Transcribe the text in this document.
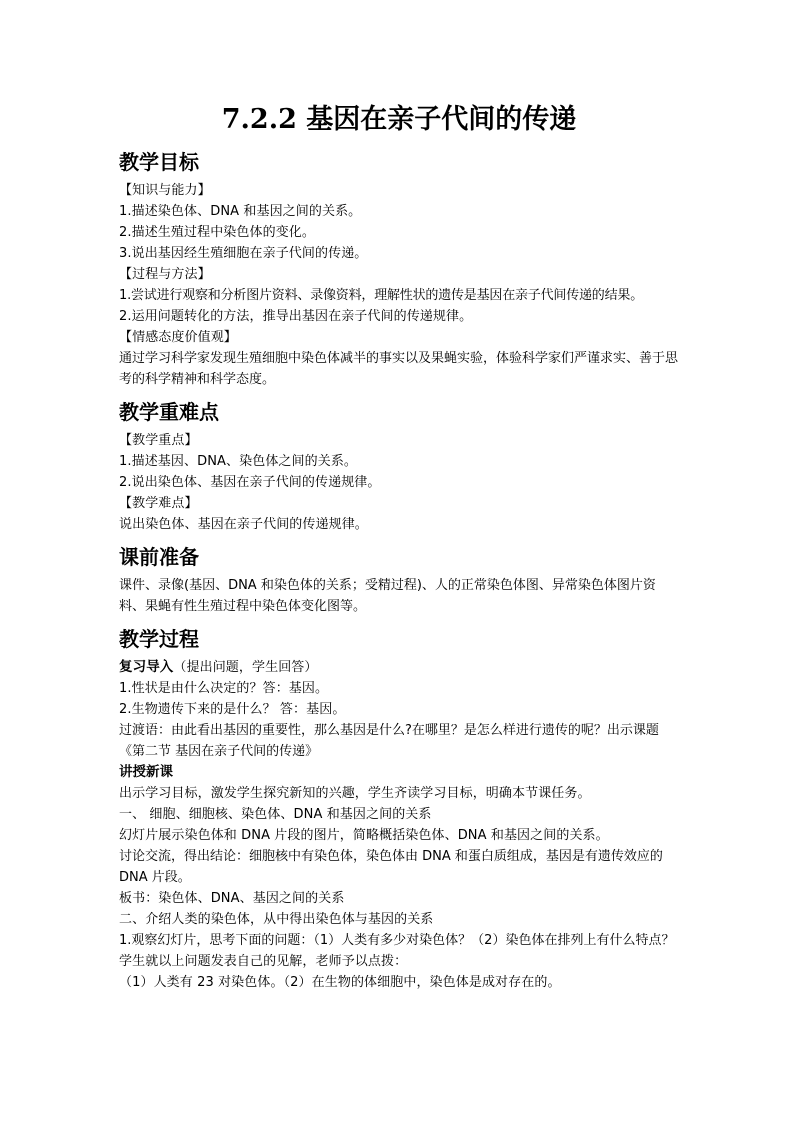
7.2.2 基因在亲子代间的传递
教学目标
【知识与能力】
1.描述染色体、DNA 和基因之间的关系。
2.描述生殖过程中染色体的变化。
3.说出基因经生殖细胞在亲子代间的传递。
【过程与方法】
1.尝试进行观察和分析图片资料、录像资料，理解性状的遗传是基因在亲子代间传递的结果。
2.运用问题转化的方法，推导出基因在亲子代间的传递规律。
【情感态度价值观】
通过学习科学家发现生殖细胞中染色体减半的事实以及果蝇实验，体验科学家们严谨求实、善于思考的科学精神和科学态度。
教学重难点
【教学重点】
1.描述基因、DNA、染色体之间的关系。
2.说出染色体、基因在亲子代间的传递规律。
【教学难点】
说出染色体、基因在亲子代间的传递规律。
课前准备
课件、录像(基因、DNA 和染色体的关系；受精过程)、人的正常染色体图、异常染色体图片资料、果蝇有性生殖过程中染色体变化图等。
教学过程
复习导入（提出问题，学生回答）
1.性状是由什么决定的？答：基因。
2.生物遗传下来的是什么？ 答：基因。
过渡语：由此看出基因的重要性，那么基因是什么?在哪里？是怎么样进行遗传的呢？出示课题《第二节 基因在亲子代间的传递》
讲授新课
出示学习目标，激发学生探究新知的兴趣，学生齐读学习目标，明确本节课任务。
一、 细胞、细胞核、染色体、DNA 和基因之间的关系
幻灯片展示染色体和 DNA 片段的图片，简略概括染色体、DNA 和基因之间的关系。
讨论交流，得出结论：细胞核中有染色体，染色体由 DNA 和蛋白质组成，基因是有遗传效应的 DNA 片段。
板书：染色体、DNA、基因之间的关系
二、介绍人类的染色体，从中得出染色体与基因的关系
1.观察幻灯片，思考下面的问题：（1）人类有多少对染色体？（2）染色体在排列上有什么特点？
学生就以上问题发表自己的见解，老师予以点拨：
（1）人类有 23 对染色体。（2）在生物的体细胞中，染色体是成对存在的。
